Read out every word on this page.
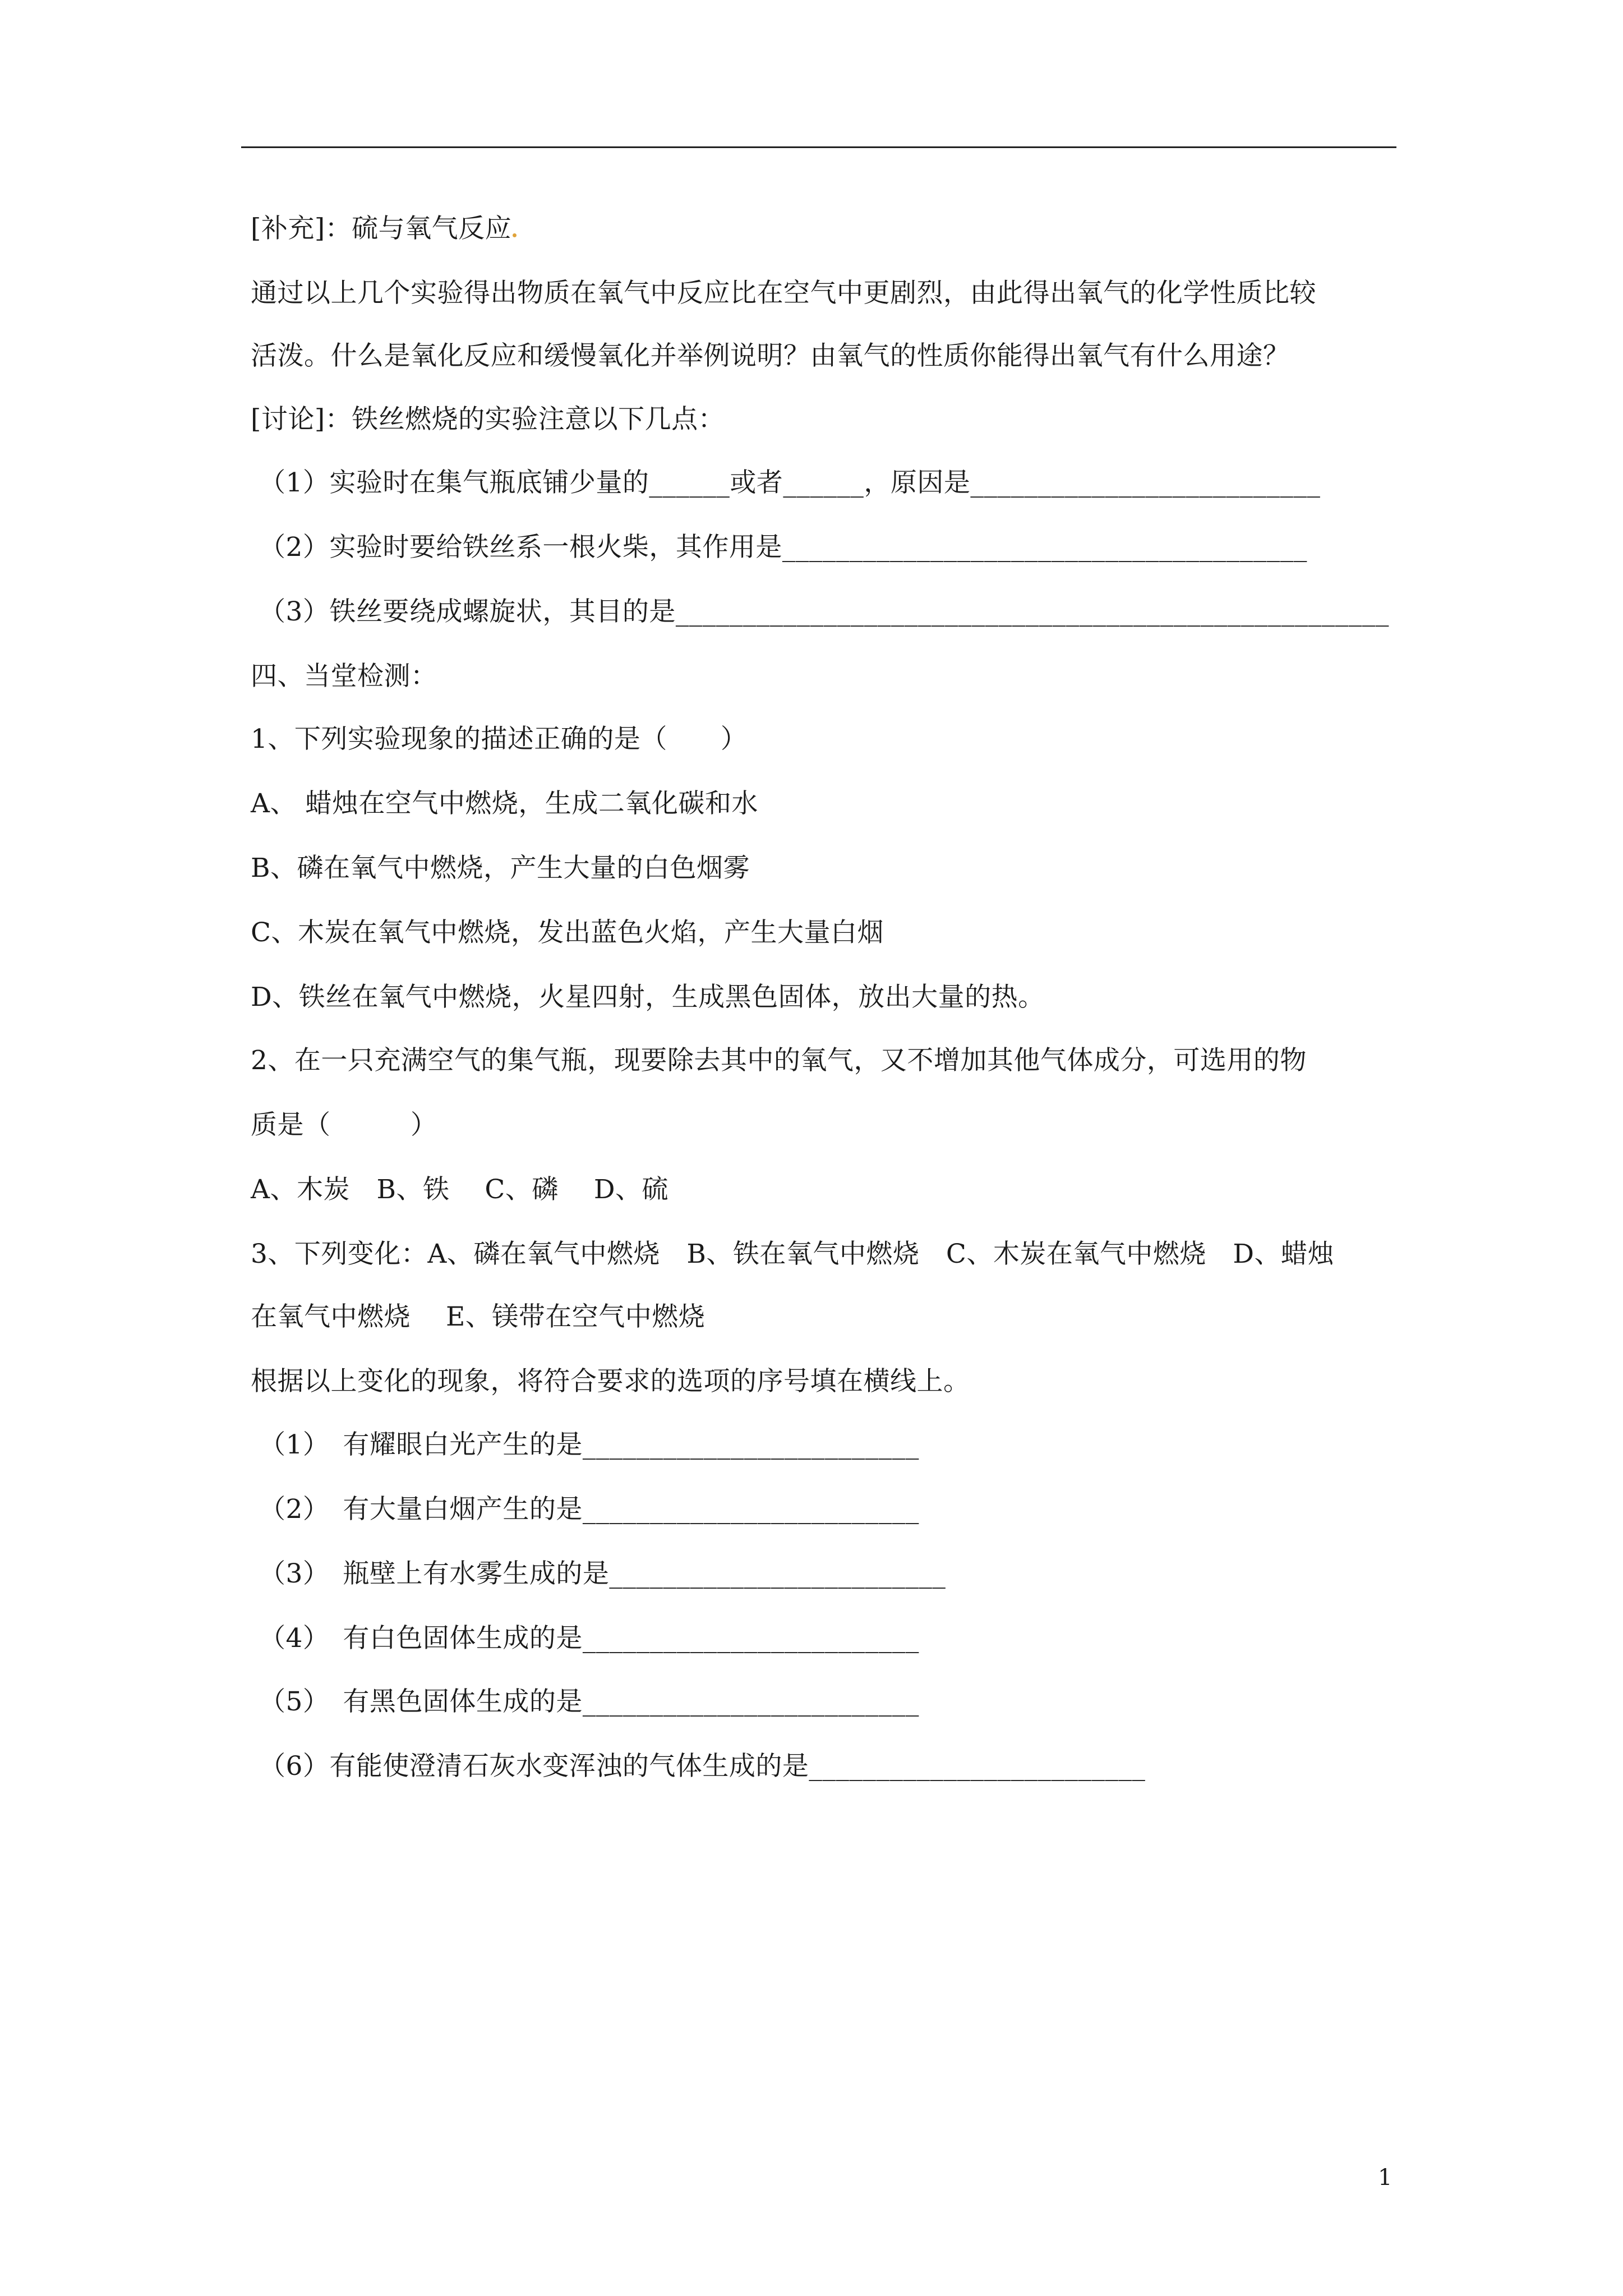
[补充]：硫与氧气反应
通过以上几个实验得出物质在氧气中反应比在空气中更剧烈，由此得出氧气的化学性质比较
活泼。什么是氧化反应和缓慢氧化并举例说明？由氧气的性质你能得出氧气有什么用途？
[讨论]：铁丝燃烧的实验注意以下几点：
（1）实验时在集气瓶底铺少量的______或者______，原因是__________________________
（2）实验时要给铁丝系一根火柴，其作用是_______________________________________
（3）铁丝要绕成螺旋状，其目的是_____________________________________________________
四、当堂检测：
1、下列实验现象的描述正确的是（　　）
A、 蜡烛在空气中燃烧，生成二氧化碳和水
B、磷在氧气中燃烧，产生大量的白色烟雾
C、木炭在氧气中燃烧，发出蓝色火焰，产生大量白烟
D、铁丝在氧气中燃烧，火星四射，生成黑色固体，放出大量的热。
2、在一只充满空气的集气瓶，现要除去其中的氧气，又不增加其他气体成分，可选用的物
质是（　　　）
A、木炭　B、铁　 C、磷　 D、硫
3、下列变化：A、磷在氧气中燃烧　B、铁在氧气中燃烧　C、木炭在氧气中燃烧　D、蜡烛
在氧气中燃烧　 E、镁带在空气中燃烧
根据以上变化的现象，将符合要求的选项的序号填在横线上。
（1）　有耀眼白光产生的是_________________________
（2）　有大量白烟产生的是_________________________
（3）　瓶壁上有水雾生成的是_________________________
（4）　有白色固体生成的是_________________________
（5）　有黑色固体生成的是_________________________
（6）有能使澄清石灰水变浑浊的气体生成的是_________________________
1
